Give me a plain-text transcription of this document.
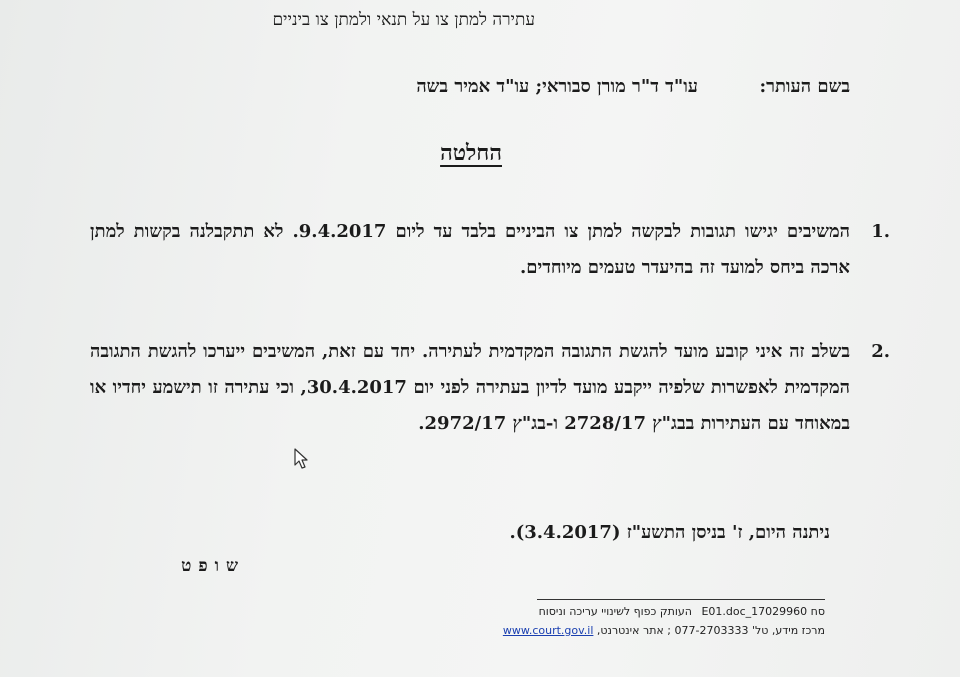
עתירה למתן צו על תנאי ולמתן צו ביניים
בשם העותר:
עו"ד ד"ר מורן סבוראי; עו"ד אמיר בשה
החלטה
1.

המשיבים יגישו תגובות לבקשה למתן צו הביניים בלבד עד ליום 9.4.2017. לא תתקבלנה בקשות למתן ארכה ביחס למועד זה בהיעדר טעמים מיוחדים.

2.

בשלב זה איני קובע מועד להגשת התגובה המקדמית לעתירה. יחד עם זאת, המשיבים ייערכו להגשת התגובה המקדמית לאפשרות שלפיה ייקבע מועד לדיון בעתירה לפני יום 30.4.2017, וכי עתירה זו תישמע יחדיו או במאוחד עם העתירות בבג"ץ 2728/17 ו-בג"ץ 2972/17.

ניתנה היום, ז' בניסן התשע"ז (3.4.2017).
שופט
סח 17029960_E01.doc העותק כפוף לשינויי עריכה וניסוח
מרכז מידע, טל' 077-2703333 ; אתר אינטרנט, www.court.gov.il
